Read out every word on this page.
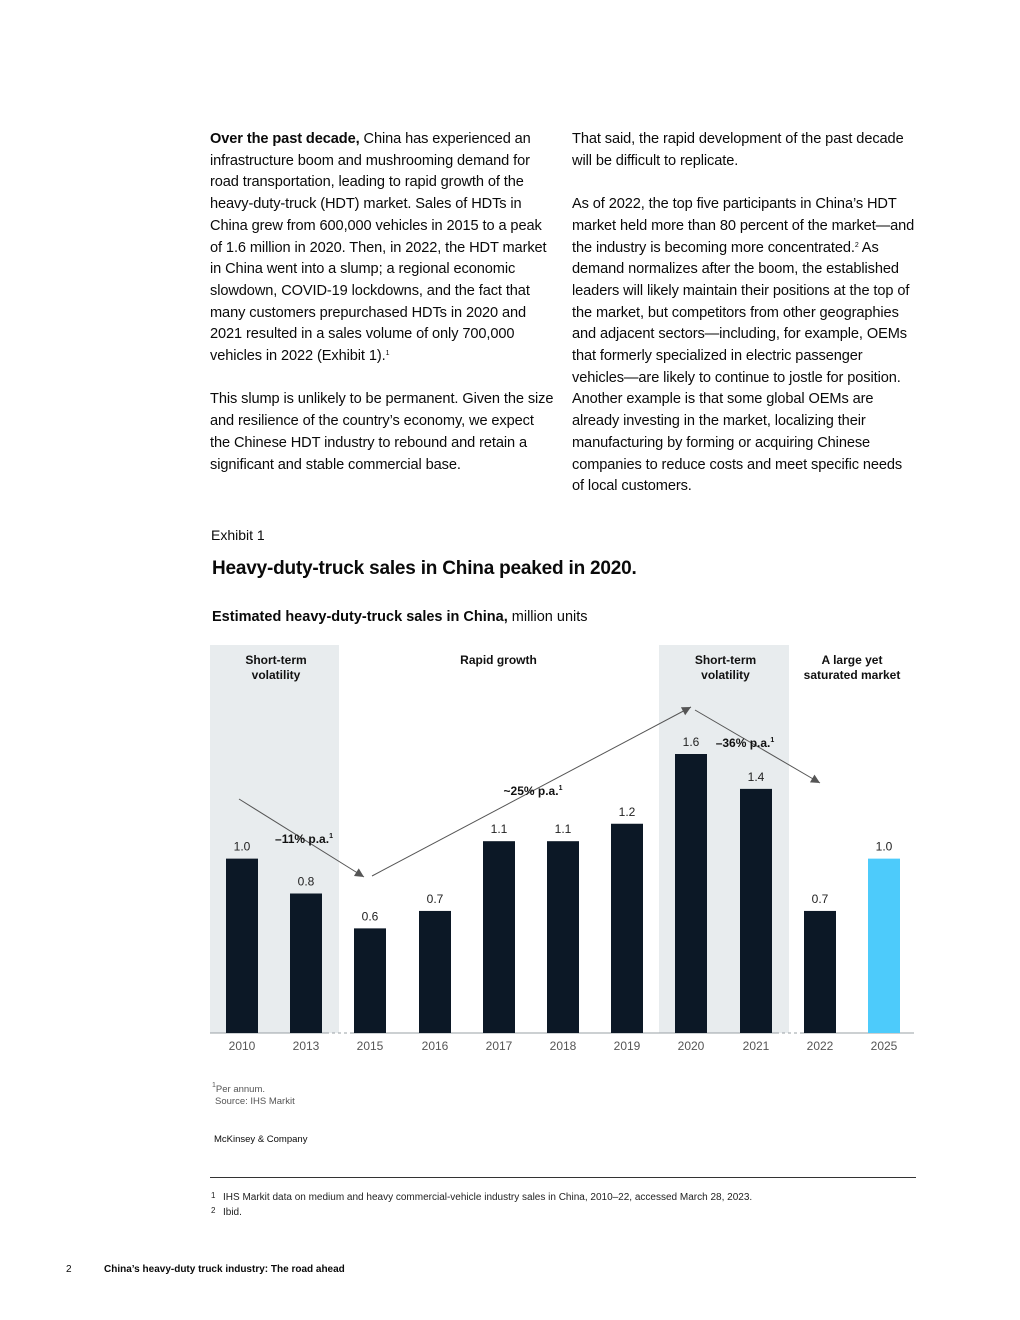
Over the past decade, China has experienced an infrastructure boom and mushrooming demand for road transportation, leading to rapid growth of the heavy-duty-truck (HDT) market. Sales of HDTs in China grew from 600,000 vehicles in 2015 to a peak of 1.6 million in 2020. Then, in 2022, the HDT market in China went into a slump; a regional economic slowdown, COVID-19 lockdowns, and the fact that many customers prepurchased HDTs in 2020 and 2021 resulted in a sales volume of only 700,000 vehicles in 2022 (Exhibit 1).$^1$

This slump is unlikely to be permanent. Given the size and resilience of the country’s economy, we expect the Chinese HDT industry to rebound and retain a significant and stable commercial base.

That said, the rapid development of the past decade will be difficult to replicate.

As of 2022, the top five participants in China’s HDT market held more than 80 percent of the market—and the industry is becoming more concentrated.$^2$ As demand normalizes after the boom, the established leaders will likely maintain their positions at the top of the market, but competitors from other geographies and adjacent sectors—including, for example, OEMs that formerly specialized in electric passenger vehicles—are likely to continue to jostle for position. Another example is that some global OEMs are already investing in the market, localizing their manufacturing by forming or acquiring Chinese companies to reduce costs and meet specific needs of local customers.

Exhibit 1
Heavy-duty-truck sales in China peaked in 2020.
Estimated heavy-duty-truck sales in China, million units
Short-term volatility
Rapid growth	Short-term volatility
A large yet saturated market
1.0
2010
0.8
2013
0.6
2015
0.7
2016
1.1
2017
1.1
2018
1.2
2019
1.6
2020
1.4
2021
0.7
2022
1.0
2025
–11% p.a.$^1$
~25% p.a.$^1$
–36% p.a.$^1$
$^1$Per annum.
Source: IHS Markit
McKinsey & Company
1 IHS Markit data on medium and heavy commercial-vehicle industry sales in China, 2010–22, accessed March 28, 2023.
2 Ibid.
2	China’s heavy-duty truck industry: The road ahead
